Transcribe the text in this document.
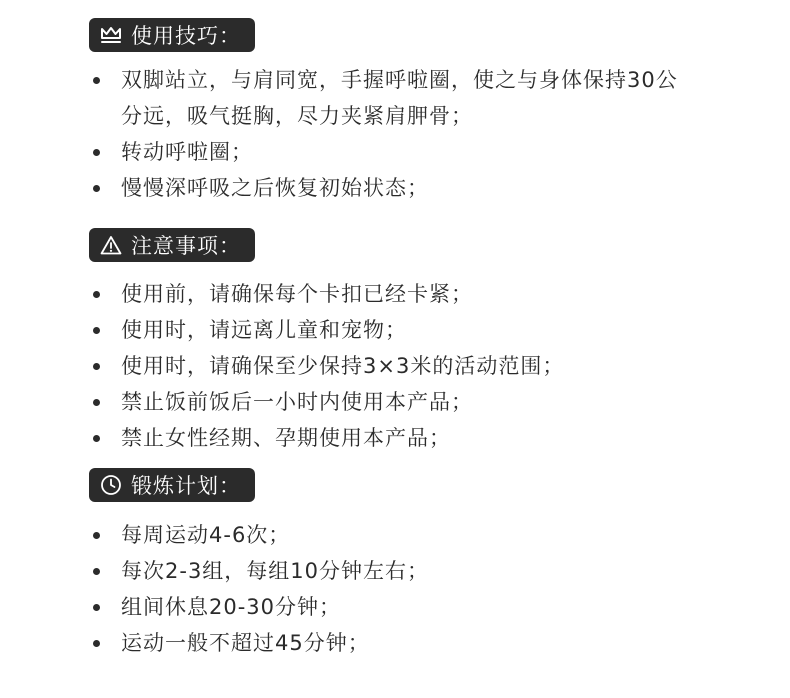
使用技巧：
双脚站立，与肩同宽，手握呼啦圈，使之与身体保持30公分远，吸气挺胸，尽力夹紧肩胛骨；
转动呼啦圈；
慢慢深呼吸之后恢复初始状态；
注意事项：
使用前，请确保每个卡扣已经卡紧；
使用时，请远离儿童和宠物；
使用时，请确保至少保持3×3米的活动范围；
禁止饭前饭后一小时内使用本产品；
禁止女性经期、孕期使用本产品；
锻炼计划：
每周运动4-6次；
每次2-3组，每组10分钟左右；
组间休息20-30分钟；
运动一般不超过45分钟；
